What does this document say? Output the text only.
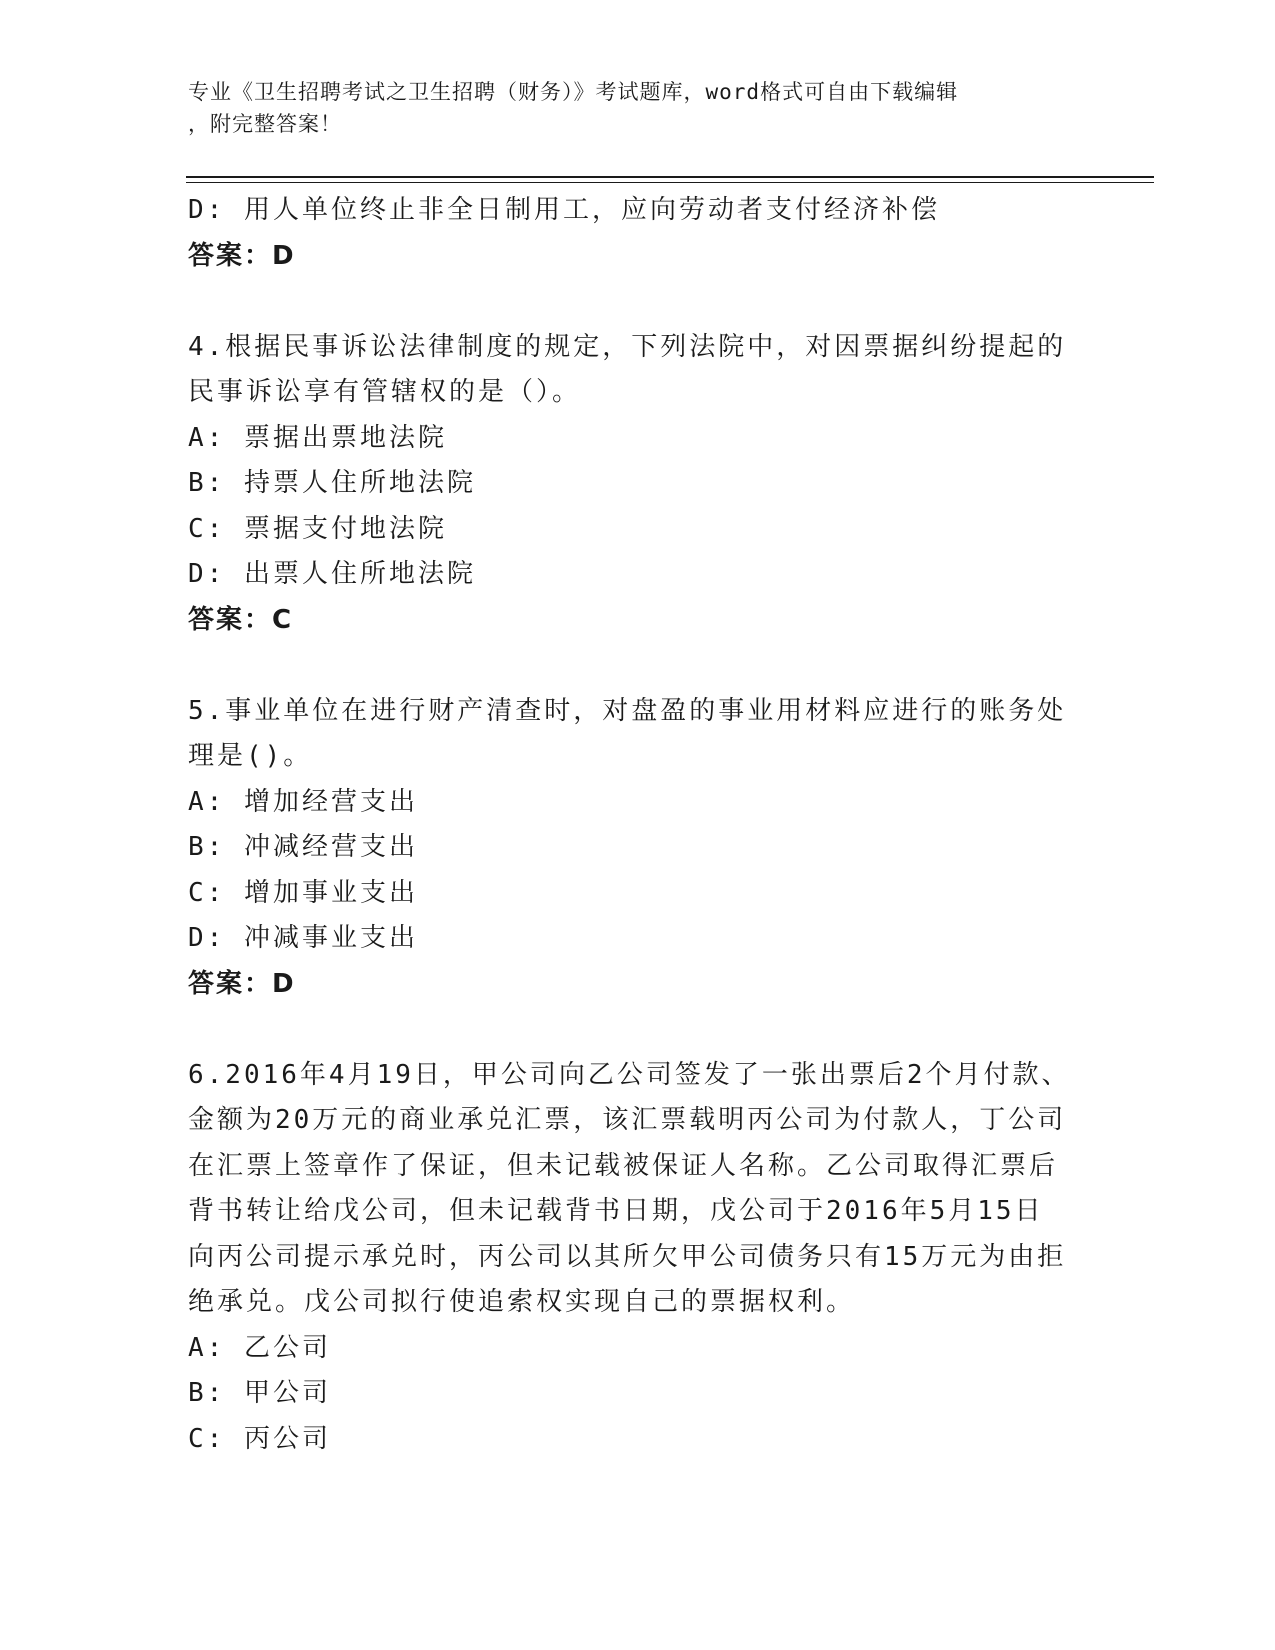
专业《卫生招聘考试之卫生招聘（财务）》考试题库，word格式可自由下载编辑
，附完整答案！
D: 用人单位终止非全日制用工，应向劳动者支付经济补偿
答案：D
4.根据民事诉讼法律制度的规定，下列法院中，对因票据纠纷提起的
民事诉讼享有管辖权的是（）。
A: 票据出票地法院
B: 持票人住所地法院
C: 票据支付地法院
D: 出票人住所地法院
答案：C
5.事业单位在进行财产清查时，对盘盈的事业用材料应进行的账务处
理是()。
A: 增加经营支出
B: 冲减经营支出
C: 增加事业支出
D: 冲减事业支出
答案：D
6.2016年4月19日，甲公司向乙公司签发了一张出票后2个月付款、
金额为20万元的商业承兑汇票，该汇票载明丙公司为付款人，丁公司
在汇票上签章作了保证，但未记载被保证人名称。乙公司取得汇票后
背书转让给戊公司，但未记载背书日期，戊公司于2016年5月15日
向丙公司提示承兑时，丙公司以其所欠甲公司债务只有15万元为由拒
绝承兑。戊公司拟行使追索权实现自己的票据权利。
A: 乙公司
B: 甲公司
C: 丙公司
